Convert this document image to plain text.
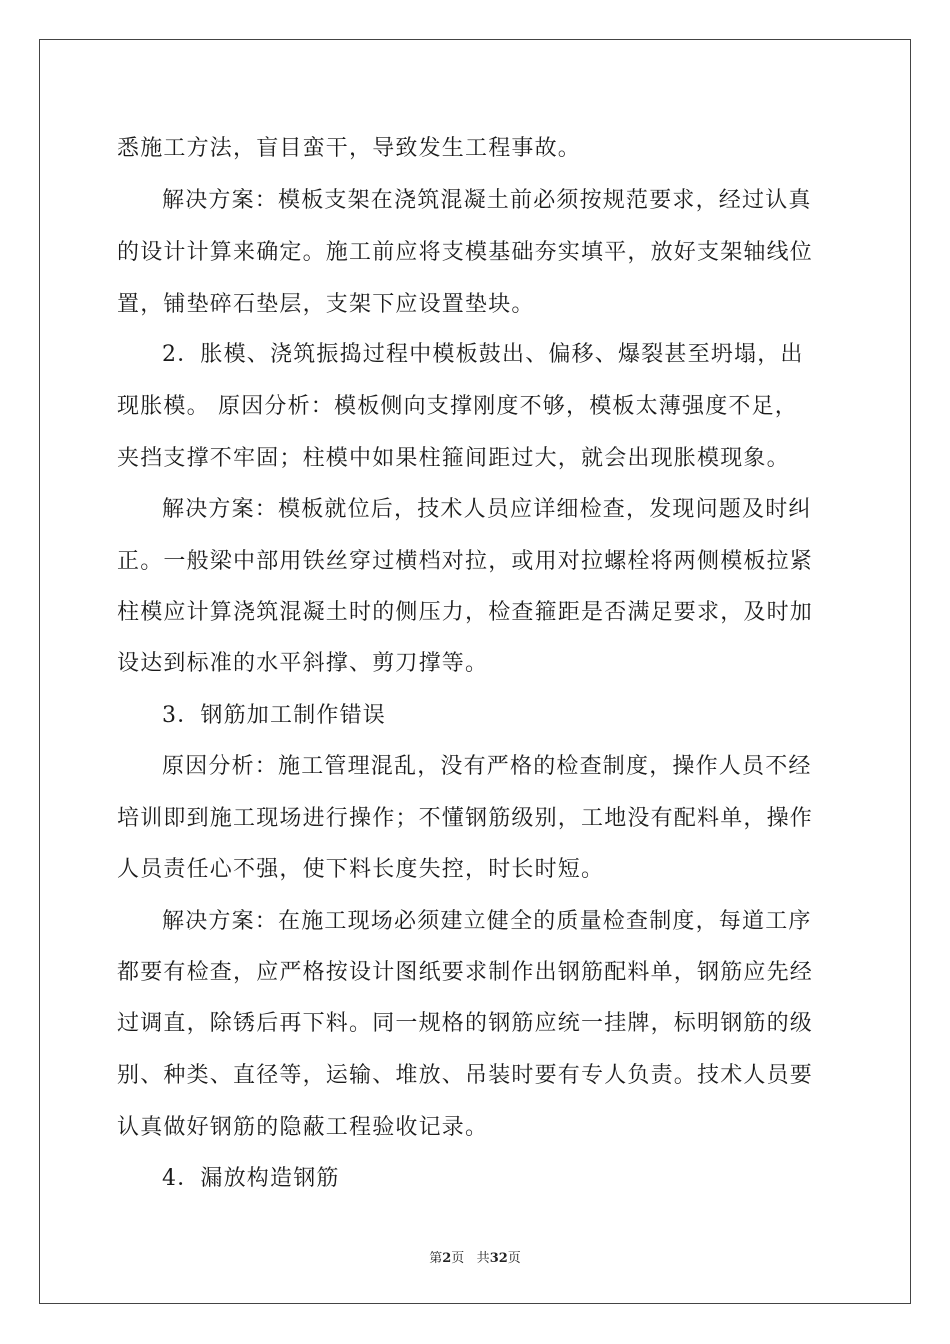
悉施工方法，盲目蛮干，导致发生工程事故。
解决方案：模板支架在浇筑混凝土前必须按规范要求，经过认真
的设计计算来确定。施工前应将支模基础夯实填平，放好支架轴线位
置，铺垫碎石垫层，支架下应设置垫块。
2．胀模、浇筑振捣过程中模板鼓出、偏移、爆裂甚至坍塌，出
现胀模。 原因分析：模板侧向支撑刚度不够，模板太薄强度不足，
夹挡支撑不牢固；柱模中如果柱箍间距过大，就会出现胀模现象。
解决方案：模板就位后，技术人员应详细检查，发现问题及时纠
正。一般梁中部用铁丝穿过横档对拉，或用对拉螺栓将两侧模板拉紧
柱模应计算浇筑混凝土时的侧压力，检查箍距是否满足要求，及时加
设达到标准的水平斜撑、剪刀撑等。
3．钢筋加工制作错误
原因分析：施工管理混乱，没有严格的检查制度，操作人员不经
培训即到施工现场进行操作；不懂钢筋级别，工地没有配料单，操作
人员责任心不强，使下料长度失控，时长时短。
解决方案：在施工现场必须建立健全的质量检查制度，每道工序
都要有检查，应严格按设计图纸要求制作出钢筋配料单，钢筋应先经
过调直，除锈后再下料。同一规格的钢筋应统一挂牌，标明钢筋的级
别、种类、直径等，运输、堆放、吊装时要有专人负责。技术人员要
认真做好钢筋的隐蔽工程验收记录。
4．漏放构造钢筋
第2页 共32页
